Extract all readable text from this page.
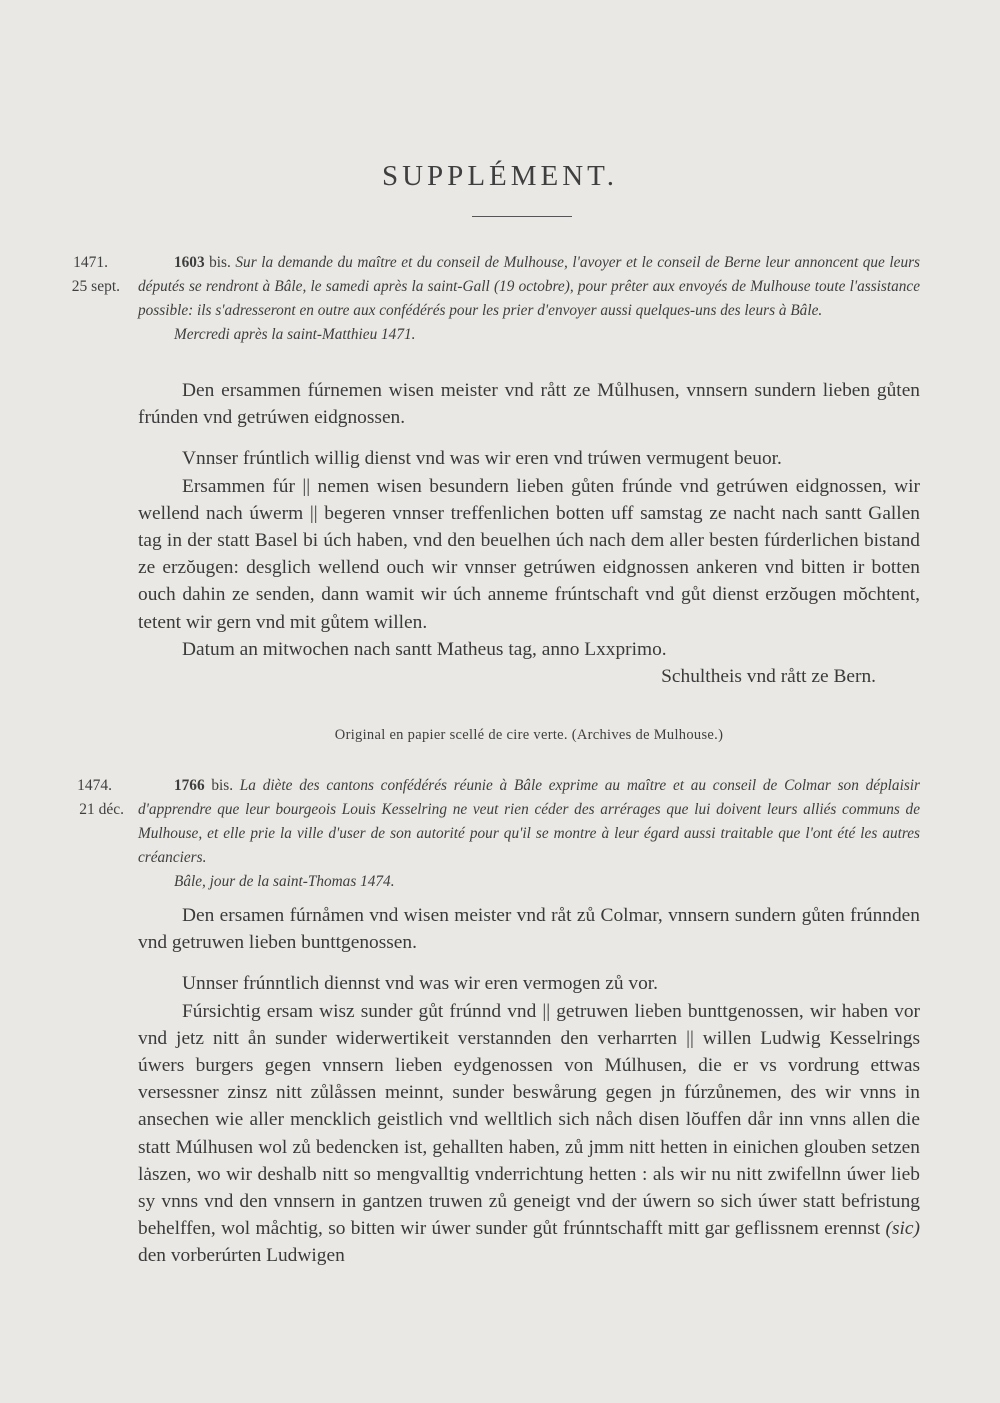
SUPPLÉMENT.
1471.
25 sept.
1603 bis. Sur la demande du maître et du conseil de Mulhouse, l'avoyer et le conseil de Berne leur annoncent que leurs députés se rendront à Bâle, le samedi après la saint-Gall (19 octobre), pour prêter aux envoyés de Mulhouse toute l'assistance possible: ils s'adresseront en outre aux confédérés pour les prier d'envoyer aussi quelques-uns des leurs à Bâle.
Mercredi après la saint-Matthieu 1471.

Den ersammen fúrnemen wisen meister vnd rått ze Můlhusen, vnnsern sundern lieben gůten frúnden vnd getrúwen eidgnossen.

Vnnser frúntlich willig dienst vnd was wir eren vnd trúwen vermugent beuor.

Ersammen fúr || nemen wisen besundern lieben gůten frúnde vnd getrúwen eidgnossen, wir wellend nach úwerm || begeren vnnser treffenlichen botten uff samstag ze nacht nach santt Gallen tag in der statt Basel bi úch haben, vnd den beuelhen úch nach dem aller besten fúrderlichen bistand ze erzŏugen: desglich wellend ouch wir vnnser getrúwen eidgnossen ankeren vnd bitten ir botten ouch dahin ze senden, dann wamit wir úch anneme frúntschaft vnd gůt dienst erzŏugen mŏchtent, tetent wir gern vnd mit gůtem willen.

Datum an mitwochen nach santt Matheus tag, anno Lxxprimo.

Schultheis vnd rått ze Bern.

Original en papier scellé de cire verte. (Archives de Mulhouse.)
1474.
21 déc.
1766 bis. La diète des cantons confédérés réunie à Bâle exprime au maître et au conseil de Colmar son déplaisir d'apprendre que leur bourgeois Louis Kesselring ne veut rien céder des arrérages que lui doivent leurs alliés communs de Mulhouse, et elle prie la ville d'user de son autorité pour qu'il se montre à leur égard aussi traitable que l'ont été les autres créanciers.
Bâle, jour de la saint-Thomas 1474.

Den ersamen fúrnåmen vnd wisen meister vnd råt zů Colmar, vnnsern sundern gůten frúnnden vnd getruwen lieben bunttgenossen.

Unnser frúnntlich diennst vnd was wir eren vermogen zů vor.

Fúrsichtig ersam wisz sunder gůt frúnnd vnd || getruwen lieben bunttgenossen, wir haben vor vnd jetz nitt ån sunder widerwertikeit verstannden den verharrten || willen Ludwig Kesselrings úwers burgers gegen vnnsern lieben eydgenossen von Múlhusen, die er vs vordrung ettwas versessner zinsz nitt zůlåssen meinnt, sunder beswårung gegen jn fúrzůnemen, des wir vnns in ansechen wie aller mencklich geistlich vnd welltlich sich nåch disen lŏuffen dår inn vnns allen die statt Múlhusen wol zů bedencken ist, gehallten haben, zů jmm nitt hetten in einichen glouben setzen lȧszen, wo wir deshalb nitt so mengvalltig vnderrichtung hetten : als wir nu nitt zwifellnn úwer lieb sy vnns vnd den vnnsern in gantzen truwen zů geneigt vnd der úwern so sich úwer statt befristung behelffen, wol måchtig, so bitten wir úwer sunder gůt frúnntschafft mitt gar geflissnem erennst (sic) den vorberúrten Ludwigen
